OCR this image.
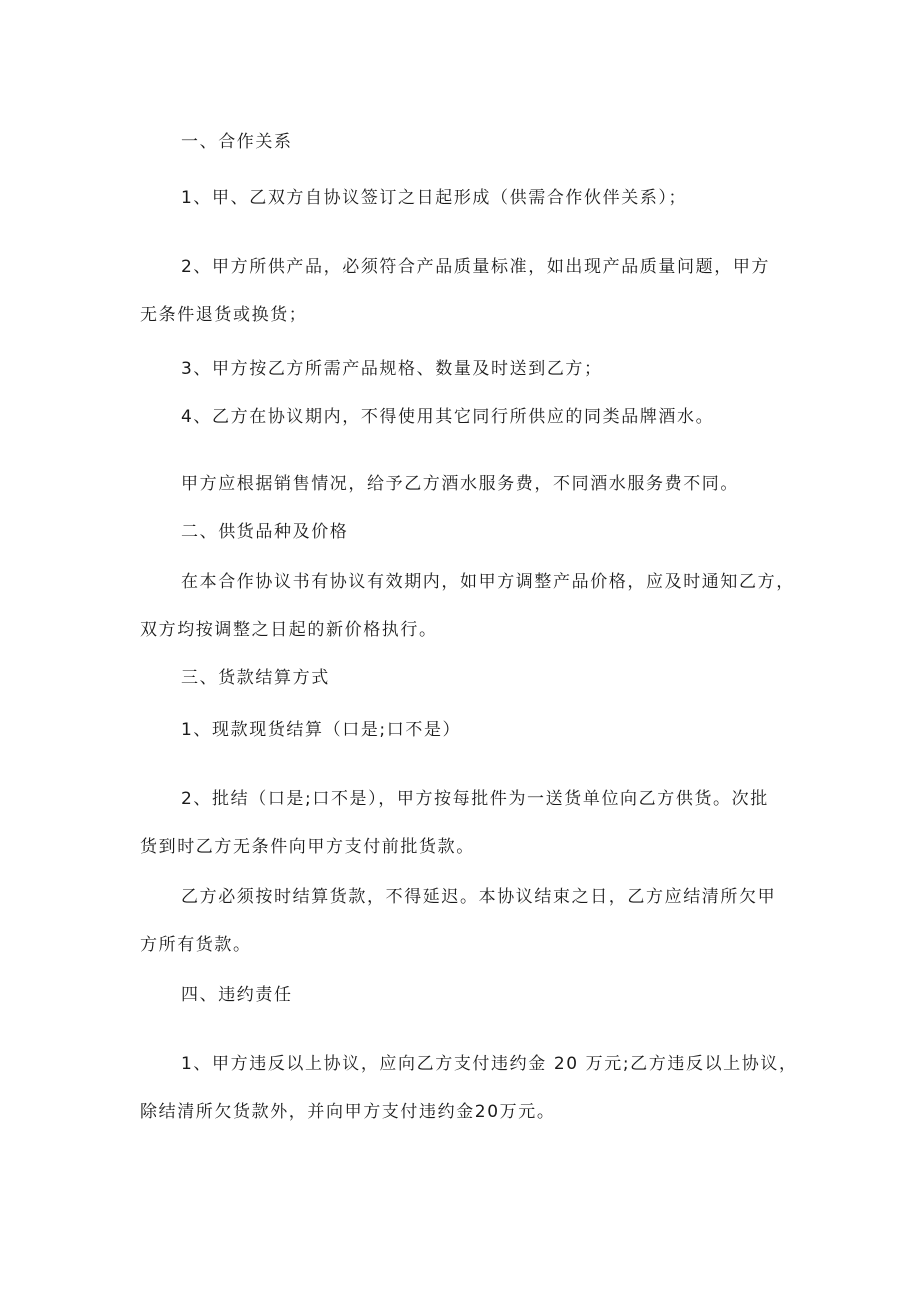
一、合作关系
1、甲、乙双方自协议签订之日起形成（供需合作伙伴关系）；
2、甲方所供产品，必须符合产品质量标准，如出现产品质量问题，甲方
无条件退货或换货；
3、甲方按乙方所需产品规格、数量及时送到乙方；
4、乙方在协议期内，不得使用其它同行所供应的同类品牌酒水。
甲方应根据销售情况，给予乙方酒水服务费，不同酒水服务费不同。
二、供货品种及价格
在本合作协议书有协议有效期内，如甲方调整产品价格，应及时通知乙方，
双方均按调整之日起的新价格执行。
三、货款结算方式
1、现款现货结算（口是;口不是）
2、批结（口是;口不是），甲方按每批件为一送货单位向乙方供货。次批
货到时乙方无条件向甲方支付前批货款。
乙方必须按时结算货款，不得延迟。本协议结束之日，乙方应结清所欠甲
方所有货款。
四、违约责任
1、甲方违反以上协议，应向乙方支付违约金 20 万元;乙方违反以上协议，
除结清所欠货款外，并向甲方支付违约金20万元。
